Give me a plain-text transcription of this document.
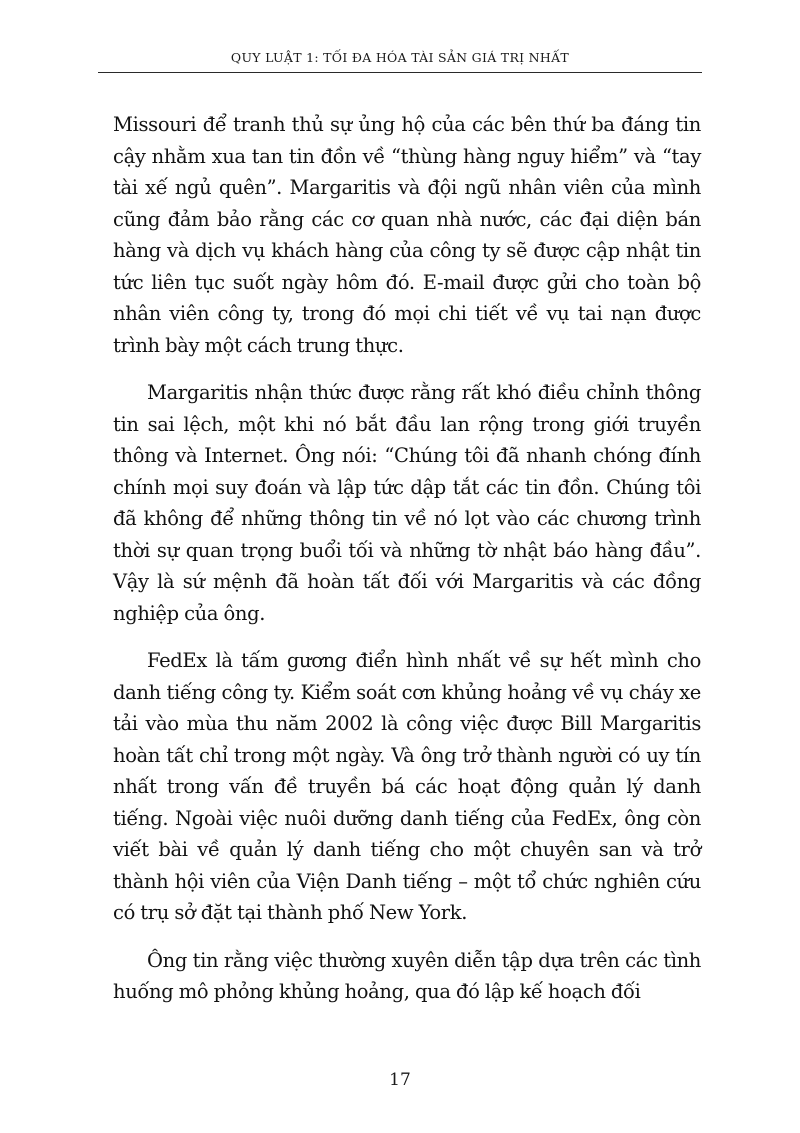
QUY LUẬT 1: TỐI ĐA HÓA TÀI SẢN GIÁ TRỊ NHẤT

Missouri để tranh thủ sự ủng hộ của các bên thứ ba đáng tin cậy nhằm xua tan tin đồn về “thùng hàng nguy hiểm” và “tay tài xế ngủ quên”. Margaritis và đội ngũ nhân viên của mình cũng đảm bảo rằng các cơ quan nhà nước, các đại diện bán hàng và dịch vụ khách hàng của công ty sẽ được cập nhật tin tức liên tục suốt ngày hôm đó. E-mail được gửi cho toàn bộ nhân viên công ty, trong đó mọi chi tiết về vụ tai nạn được trình bày một cách trung thực.

Margaritis nhận thức được rằng rất khó điều chỉnh thông tin sai lệch, một khi nó bắt đầu lan rộng trong giới truyền thông và Internet. Ông nói: “Chúng tôi đã nhanh chóng đính chính mọi suy đoán và lập tức dập tắt các tin đồn. Chúng tôi đã không để những thông tin về nó lọt vào các chương trình thời sự quan trọng buổi tối và những tờ nhật báo hàng đầu”. Vậy là sứ mệnh đã hoàn tất đối với Margaritis và các đồng nghiệp của ông.

FedEx là tấm gương điển hình nhất về sự hết mình cho danh tiếng công ty. Kiểm soát cơn khủng hoảng về vụ cháy xe tải vào mùa thu năm 2002 là công việc được Bill Margaritis hoàn tất chỉ trong một ngày. Và ông trở thành người có uy tín nhất trong vấn đề truyền bá các hoạt động quản lý danh tiếng. Ngoài việc nuôi dưỡng danh tiếng của FedEx, ông còn viết bài về quản lý danh tiếng cho một chuyên san và trở thành hội viên của Viện Danh tiếng – một tổ chức nghiên cứu có trụ sở đặt tại thành phố New York.

Ông tin rằng việc thường xuyên diễn tập dựa trên các tình huống mô phỏng khủng hoảng, qua đó lập kế hoạch đối

17
